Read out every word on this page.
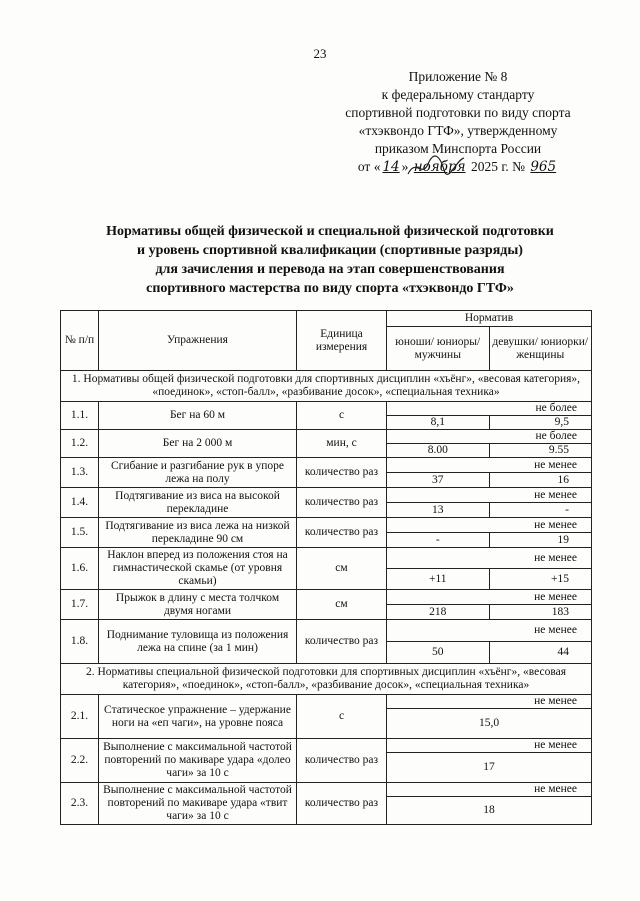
23
Приложение № 8
к федеральному стандарту
спортивной подготовки по виду спорта
«тхэквондо ГТФ», утвержденному
приказом Минспорта России
от « 14 » ноября 2025 г. № 965
Нормативы общей физической и специальной физической подготовки
и уровень спортивной квалификации (спортивные разряды)
для зачисления и перевода на этап совершенствования
спортивного мастерства по виду спорта «тхэквондо ГТФ»
№ п/п	Упражнения	Единица измерения	Норматив	
			юноши/ юниоры/ мужчины	девушки/ юниорки/ женщины
1. Нормативы общей физической подготовки для спортивных дисциплин «хъёнг», «весовая категория», «поединок», «стоп-балл», «разбивание досок», «специальная техника»				
1.1.	Бег на 60 м	с	не более	
			8,1	9,5
1.2.	Бег на 2 000 м	мин, с	не более	
			8.00	9.55
1.3.	Сгибание и разгибание рук в упоре лежа на полу	количество раз	не менее	
			37	16
1.4.	Подтягивание из виса на высокой перекладине	количество раз	не менее	
			13	-
1.5.	Подтягивание из виса лежа на низкой перекладине 90 см	количество раз	не менее	
			-	19
1.6.	Наклон вперед из положения стоя на гимнастической скамье (от уровня скамьи)	см	не менее	
			+11	+15
1.7.	Прыжок в длину с места толчком двумя ногами	см	не менее	
			218	183
1.8.	Поднимание туловища из положения лежа на спине (за 1 мин)	количество раз	не менее	
			50	44
2. Нормативы специальной физической подготовки для спортивных дисциплин «хъёнг», «весовая категория», «поединок», «стоп-балл», «разбивание досок», «специальная техника»				
2.1.	Статическое упражнение – удержание ноги на «еп чаги», на уровне пояса	с	не менее	
			15,0	
2.2.	Выполнение с максимальной частотой повторений по макиваре удара «долео чаги» за 10 с	количество раз	не менее	
			17	
2.3.	Выполнение с максимальной частотой повторений по макиваре удара «твит чаги» за 10 с	количество раз	не менее	
			18	
